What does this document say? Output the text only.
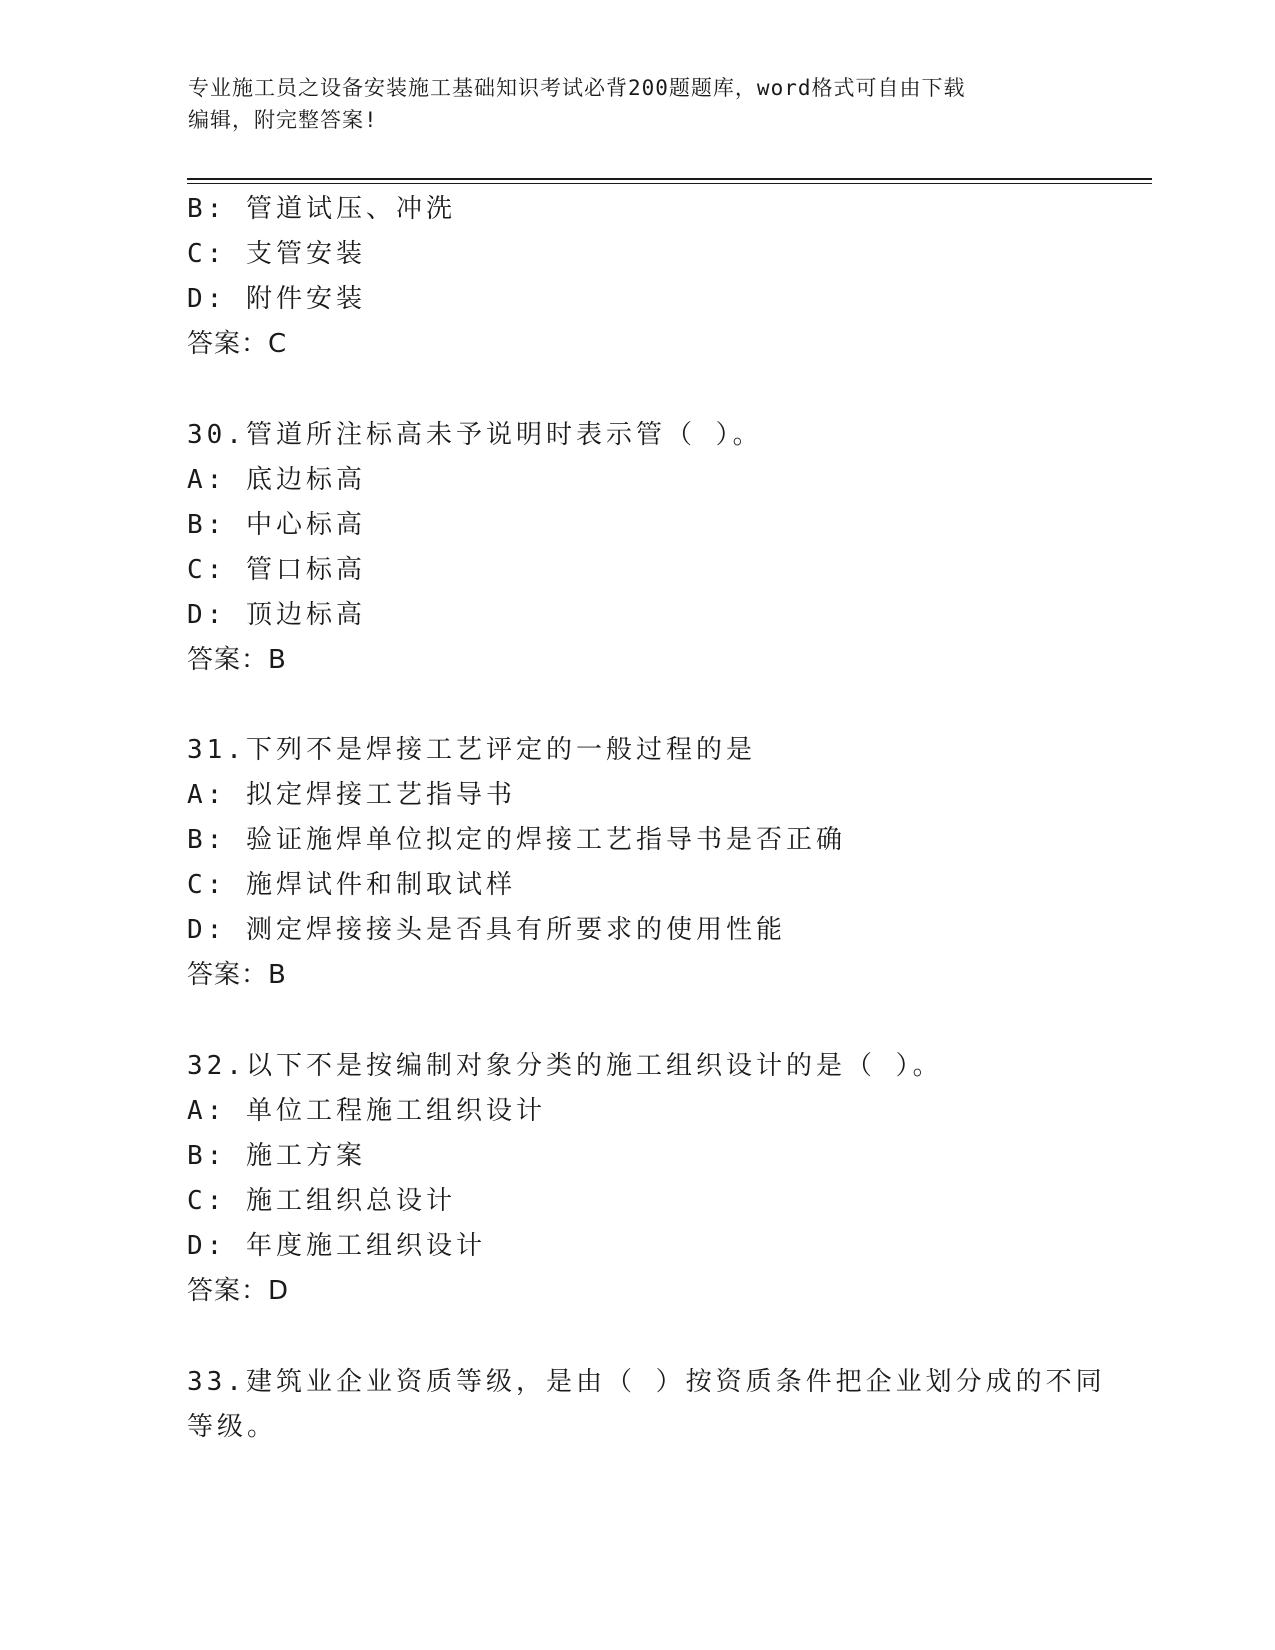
专业施工员之设备安装施工基础知识考试必背200题题库，word格式可自由下载
编辑，附完整答案!

B: 管道试压、冲洗

C: 支管安装

D: 附件安装

答案：C

30.管道所注标高未予说明时表示管（ ）。

A: 底边标高

B: 中心标高

C: 管口标高

D: 顶边标高

答案：B

31.下列不是焊接工艺评定的一般过程的是

A: 拟定焊接工艺指导书

B: 验证施焊单位拟定的焊接工艺指导书是否正确

C: 施焊试件和制取试样

D: 测定焊接接头是否具有所要求的使用性能

答案：B

32.以下不是按编制对象分类的施工组织设计的是（ ）。

A: 单位工程施工组织设计

B: 施工方案

C: 施工组织总设计

D: 年度施工组织设计

答案：D

33.建筑业企业资质等级，是由（ ）按资质条件把企业划分成的不同

等级。
